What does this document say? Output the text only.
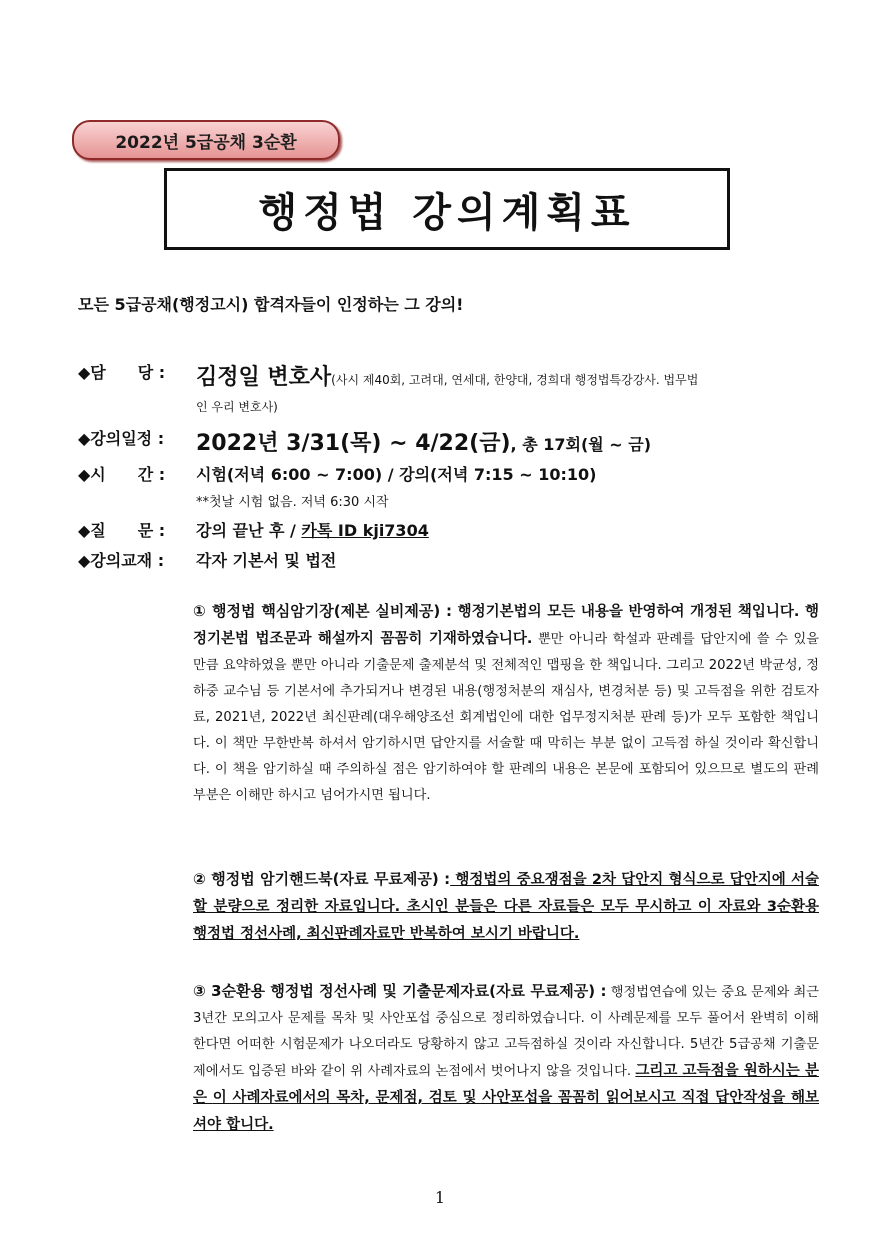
2022년 5급공채 3순환
행정법 강의계획표
모든 5급공채(행정고시) 합격자들이 인정하는 그 강의!
◆담　　당 : 김정일 변호사(사시 제40회, 고려대, 연세대, 한양대, 경희대 행정법특강강사. 법무법
인 우리 변호사)
◆강의일정 : 2022년 3/31(목) ~ 4/22(금), 총 17회(월 ~ 금)
◆시　　간 : 시험(저녁 6:00 ~ 7:00) / 강의(저녁 7:15 ~ 10:10)
**첫날 시험 없음. 저녁 6:30 시작
◆질　　문 : 강의 끝난 후 / 카톡 ID kji7304
◆강의교재 : 각자 기본서 및 법전
① 행정법 핵심암기장(제본 실비제공) : 행정기본법의 모든 내용을 반영하여 개정된 책입니다. 행정기본법 법조문과 해설까지 꼼꼼히 기재하였습니다. 뿐만 아니라 학설과 판례를 답안지에 쓸 수 있을 만큼 요약하였을 뿐만 아니라 기출문제 출제분석 및 전체적인 맵핑을 한 책입니다. 그리고 2022년 박균성, 정하중 교수님 등 기본서에 추가되거나 변경된 내용(행정처분의 재심사, 변경처분 등) 및 고득점을 위한 검토자료, 2021년, 2022년 최신판례(대우해양조선 회계법인에 대한 업무정지처분 판례 등)가 모두 포함한 책입니다. 이 책만 무한반복 하셔서 암기하시면 답안지를 서술할 때 막히는 부분 없이 고득점 하실 것이라 확신합니다. 이 책을 암기하실 때 주의하실 점은 암기하여야 할 판례의 내용은 본문에 포함되어 있으므로 별도의 판례부분은 이해만 하시고 넘어가시면 됩니다.
② 행정법 암기핸드북(자료 무료제공) : 행정법의 중요쟁점을 2차 답안지 형식으로 답안지에 서술할 분량으로 정리한 자료입니다. 초시인 분들은 다른 자료들은 모두 무시하고 이 자료와 3순환용 행정법 정선사례, 최신판례자료만 반복하여 보시기 바랍니다.
③ 3순환용 행정법 정선사례 및 기출문제자료(자료 무료제공) : 행정법연습에 있는 중요 문제와 최근 3년간 모의고사 문제를 목차 및 사안포섭 중심으로 정리하였습니다. 이 사례문제를 모두 풀어서 완벽히 이해한다면 어떠한 시험문제가 나오더라도 당황하지 않고 고득점하실 것이라 자신합니다. 5년간 5급공채 기출문제에서도 입증된 바와 같이 위 사례자료의 논점에서 벗어나지 않을 것입니다. 그리고 고득점을 원하시는 분은 이 사례자료에서의 목차, 문제점, 검토 및 사안포섭을 꼼꼼히 읽어보시고 직접 답안작성을 해보셔야 합니다.
1
